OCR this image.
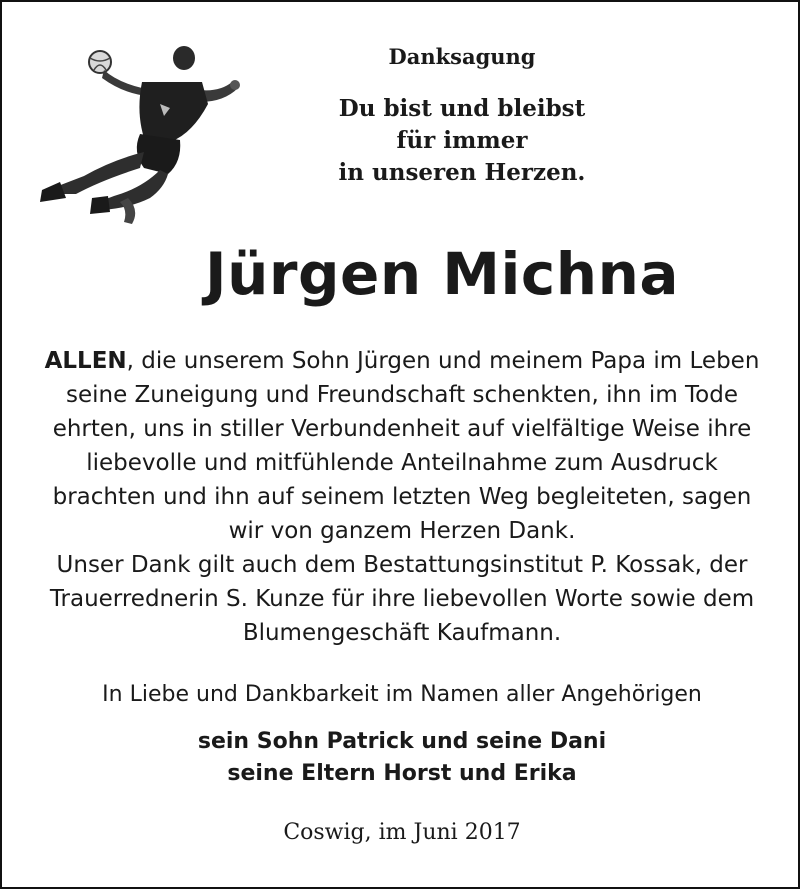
Danksagung
Du bist und bleibst
für immer
in unseren Herzen.
Jürgen Michna
ALLEN, die unserem Sohn Jürgen und meinem Papa im Leben
seine Zuneigung und Freundschaft schenkten, ihn im Tode
ehrten, uns in stiller Verbundenheit auf vielfältige Weise ihre
liebevolle und mitfühlende Anteilnahme zum Ausdruck
brachten und ihn auf seinem letzten Weg begleiteten, sagen
wir von ganzem Herzen Dank.
Unser Dank gilt auch dem Bestattungsinstitut P. Kossak, der
Trauerrednerin S. Kunze für ihre liebevollen Worte sowie dem
Blumengeschäft Kaufmann.
In Liebe und Dankbarkeit im Namen aller Angehörigen
sein Sohn Patrick und seine Dani
seine Eltern Horst und Erika
Coswig, im Juni 2017
